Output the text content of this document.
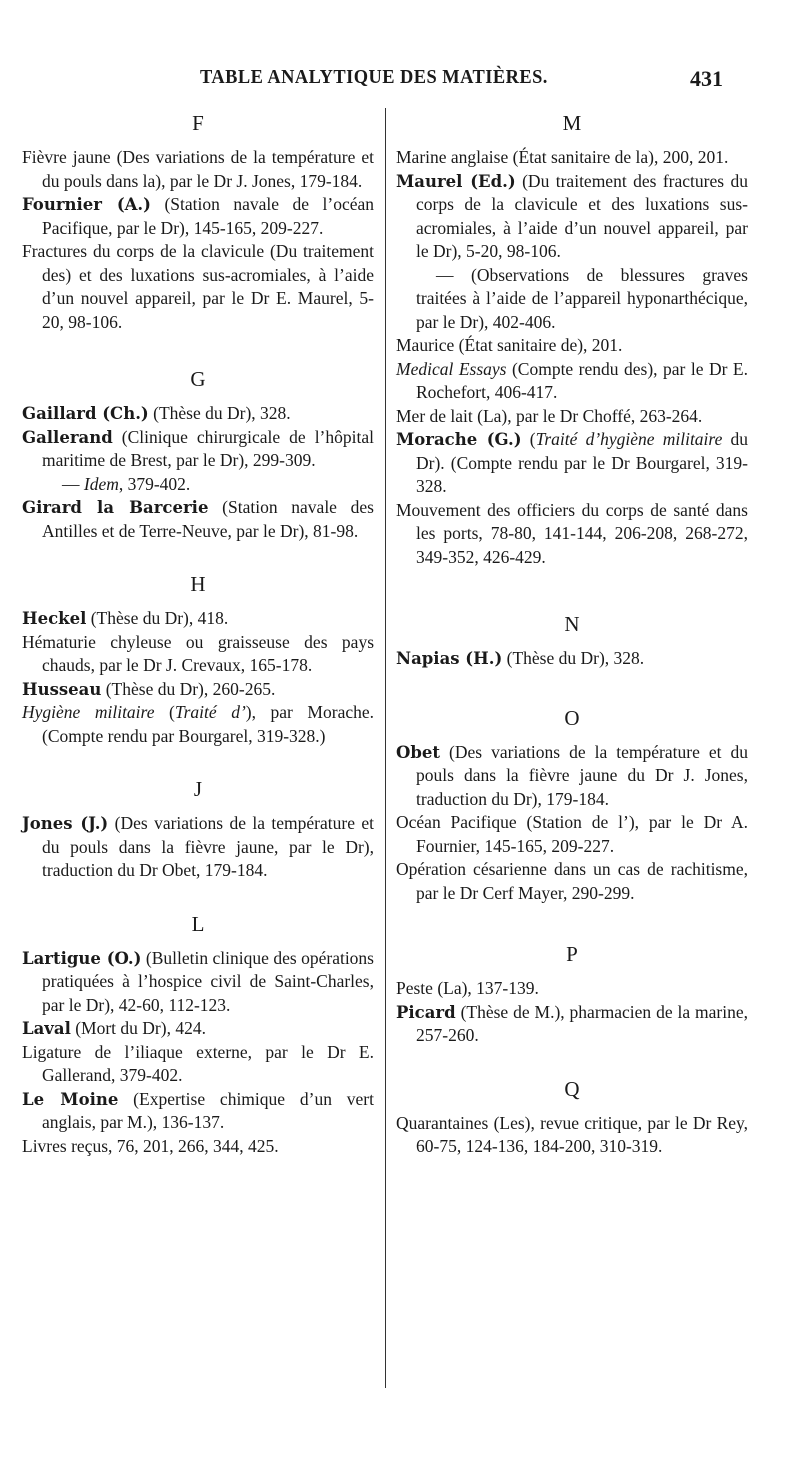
TABLE ANALYTIQUE DES MATIÈRES.	431

F

Fièvre jaune (Des variations de la température et du pouls dans la), par le Dr J. Jones, 179-184.

Fournier (A.) (Station navale de l’océan Pacifique, par le Dr), 145-165, 209-227.

Fractures du corps de la clavicule (Du traitement des) et des luxations sus-acromiales, à l’aide d’un nouvel appareil, par le Dr E. Maurel, 5-20, 98-106.

G

Gaillard (Ch.) (Thèse du Dr), 328.

Gallerand (Clinique chirurgicale de l’hôpital maritime de Brest, par le Dr), 299-309.

— Idem, 379-402.

Girard la Barcerie (Station navale des Antilles et de Terre-Neuve, par le Dr), 81-98.

H

Heckel (Thèse du Dr), 418.

Hématurie chyleuse ou graisseuse des pays chauds, par le Dr J. Crevaux, 165-178.

Husseau (Thèse du Dr), 260-265.

Hygiène militaire (Traité d’), par Morache. (Compte rendu par Bourgarel, 319-328.)

J

Jones (J.) (Des variations de la température et du pouls dans la fièvre jaune, par le Dr), traduction du Dr Obet, 179-184.

L

Lartigue (O.) (Bulletin clinique des opérations pratiquées à l’hospice civil de Saint-Charles, par le Dr), 42-60, 112-123.

Laval (Mort du Dr), 424.

Ligature de l’iliaque externe, par le Dr E. Gallerand, 379-402.

Le Moine (Expertise chimique d’un vert anglais, par M.), 136-137.

Livres reçus, 76, 201, 266, 344, 425.

M

Marine anglaise (État sanitaire de la), 200, 201.

Maurel (Ed.) (Du traitement des fractures du corps de la clavicule et des luxations sus-acromiales, à l’aide d’un nouvel appareil, par le Dr), 5-20, 98-106.

— (Observations de blessures graves traitées à l’aide de l’appareil hyponarthécique, par le Dr), 402-406.

Maurice (État sanitaire de), 201.

Medical Essays (Compte rendu des), par le Dr E. Rochefort, 406-417.

Mer de lait (La), par le Dr Choffé, 263-264.

Morache (G.) (Traité d’hygiène militaire du Dr). (Compte rendu par le Dr Bourgarel, 319-328.

Mouvement des officiers du corps de santé dans les ports, 78-80, 141-144, 206-208, 268-272, 349-352, 426-429.

N

Napias (H.) (Thèse du Dr), 328.

O

Obet (Des variations de la température et du pouls dans la fièvre jaune du Dr J. Jones, traduction du Dr), 179-184.

Océan Pacifique (Station de l’), par le Dr A. Fournier, 145-165, 209-227.

Opération césarienne dans un cas de rachitisme, par le Dr Cerf Mayer, 290-299.

P

Peste (La), 137-139.

Picard (Thèse de M.), pharmacien de la marine, 257-260.

Q

Quarantaines (Les), revue critique, par le Dr Rey, 60-75, 124-136, 184-200, 310-319.
